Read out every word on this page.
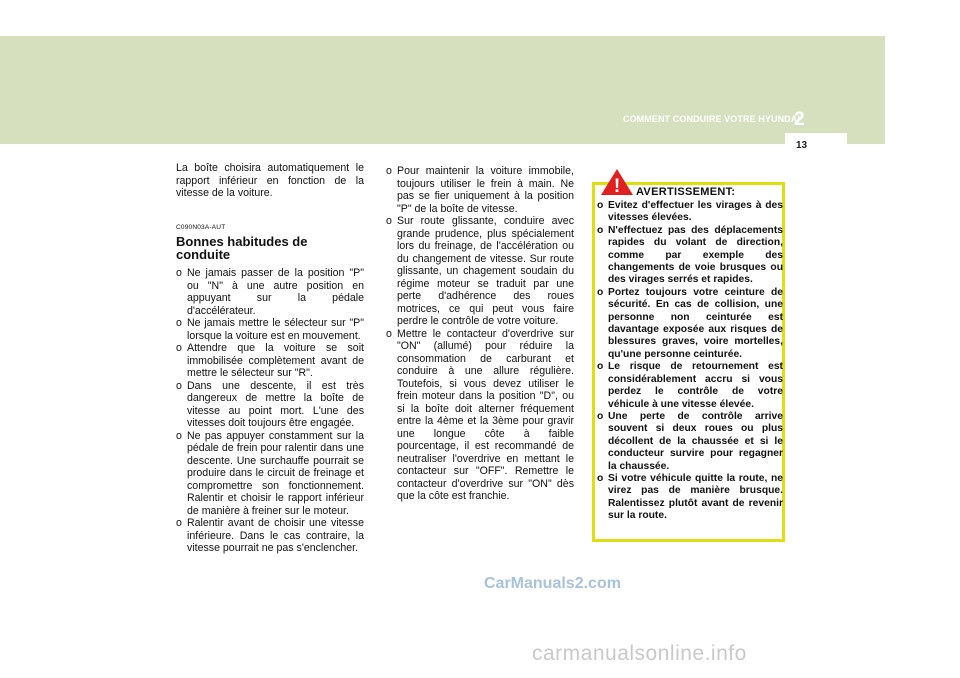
COMMENT CONDUIRE VOTRE HYUNDAI
2
13
La boîte choisira automatiquement le rapport inférieur en fonction de la vitesse de la voiture.
C090N03A-AUT
Bonnes habitudes de conduite
o Ne jamais passer de la position "P" ou "N" à une autre position en appuyant sur la pédale d'accélérateur.
o Ne jamais mettre le sélecteur sur "P" lorsque la voiture est en mouvement.
o Attendre que la voiture se soit immobilisée complètement avant de mettre le sélecteur sur "R".
o Dans une descente, il est très dangereux de mettre la boîte de vitesse au point mort. L'une des vitesses doit toujours être engagée.
o Ne pas appuyer constamment sur la pédale de frein pour ralentir dans une descente. Une surchauffe pourrait se produire dans le circuit de freinage et compromettre son fonctionnement. Ralentir et choisir le rapport inférieur de manière à freiner sur le moteur.
o Ralentir avant de choisir une vitesse inférieure. Dans le cas contraire, la vitesse pourrait ne pas s'enclencher.
o Pour maintenir la voiture immobile, toujours utiliser le frein à main. Ne pas se fier uniquement à la position "P" de la boîte de vitesse.
o Sur route glissante, conduire avec grande prudence, plus spécialement lors du freinage, de l'accélération ou du changement de vitesse. Sur route glissante, un chagement soudain du régime moteur se traduit par une perte d'adhérence des roues motrices, ce qui peut vous faire perdre le contrôle de votre voiture.
o Mettre le contacteur d'overdrive sur "ON" (allumé) pour réduire la consommation de carburant et conduire à une allure régulière. Toutefois, si vous devez utiliser le frein moteur dans la position "D", ou si la boîte doit alterner fréquement entre la 4ème et la 3ème pour gravir une longue côte à faible pourcentage, il est recommandé de neutraliser l'overdrive en mettant le contacteur sur "OFF". Remettre le contacteur d'overdrive sur "ON" dès que la côte est franchie.
! AVERTISSEMENT:
o Evitez d'effectuer les virages à des vitesses élevées.
o N'effectuez pas des déplacements rapides du volant de direction, comme par exemple des changements de voie brusques ou des virages serrés et rapides.
o Portez toujours votre ceinture de sécurité. En cas de collision, une personne non ceinturée est davantage exposée aux risques de blessures graves, voire mortelles, qu'une personne ceinturée.
o Le risque de retournement est considérablement accru si vous perdez le contrôle de votre véhicule à une vitesse élevée.
o Une perte de contrôle arrive souvent si deux roues ou plus décollent de la chaussée et si le conducteur survire pour regagner la chaussée.
o Si votre véhicule quitte la route, ne virez pas de manière brusque. Ralentissez plutôt avant de revenir sur la route.
CarManuals2.com
carmanualsonline.info
